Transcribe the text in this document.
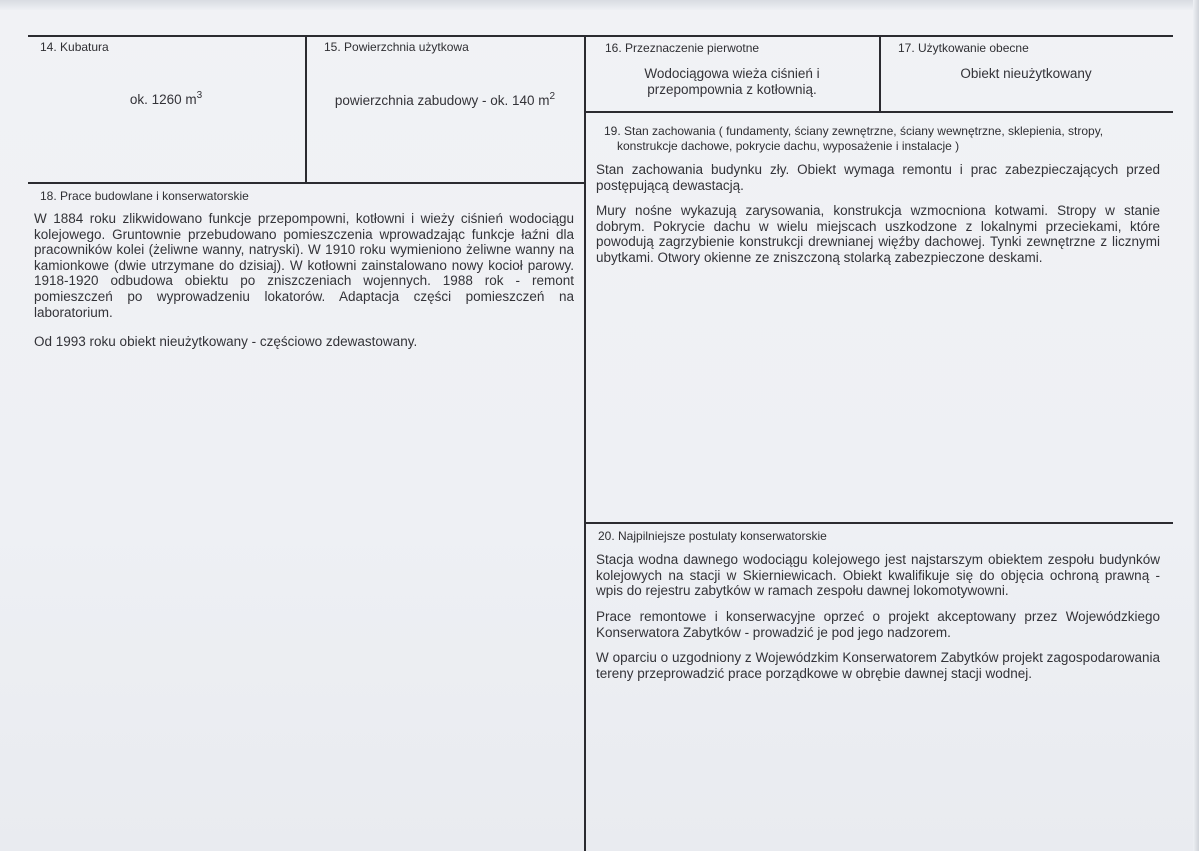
14. Kubatura
ok. 1260 $m^3$
15. Powierzchnia użytkowa
powierzchnia zabudowy - ok. 140 $m^2$
16. Przeznaczenie pierwotne
Wodociągowa wieża ciśnień i
przepompownia z kotłownią.
17. Użytkowanie obecne
Obiekt nieużytkowany
19. Stan zachowania ( fundamenty, ściany zewnętrzne, ściany wewnętrzne, sklepienia, stropy,
konstrukcje dachowe, pokrycie dachu, wyposażenie i instalacje )

Stan zachowania budynku zły. Obiekt wymaga remontu i prac zabezpieczających przed postępującą dewastacją.

Mury nośne wykazują zarysowania, konstrukcja wzmocniona kotwami. Stropy w stanie dobrym. Pokrycie dachu w wielu miejscach uszkodzone z lokalnymi przeciekami, które powodują zagrzybienie konstrukcji drewnianej więźby dachowej. Tynki zewnętrzne z licznymi ubytkami. Otwory okienne ze zniszczoną stolarką zabezpieczone deskami.

18. Prace budowlane i konserwatorskie

W 1884 roku zlikwidowano funkcje przepompowni, kotłowni i wieży ciśnień wodociągu kolejowego. Gruntownie przebudowano pomieszczenia wprowadzając funkcje łaźni dla pracowników kolei (żeliwne wanny, natryski). W 1910 roku wymieniono żeliwne wanny na kamionkowe (dwie utrzymane do dzisiaj). W kotłowni zainstalowano nowy kocioł parowy. 1918-1920 odbudowa obiektu po zniszczeniach wojennych. 1988 rok - remont pomieszczeń po wyprowadzeniu lokatorów. Adaptacja części pomieszczeń na laboratorium.

Od 1993 roku obiekt nieużytkowany - częściowo zdewastowany.

20. Najpilniejsze postulaty konserwatorskie

Stacja wodna dawnego wodociągu kolejowego jest najstarszym obiektem zespołu budynków kolejowych na stacji w Skierniewicach. Obiekt kwalifikuje się do objęcia ochroną prawną - wpis do rejestru zabytków w ramach zespołu dawnej lokomotywowni.

Prace remontowe i konserwacyjne oprzeć o projekt akceptowany przez Wojewódzkiego Konserwatora Zabytków - prowadzić je pod jego nadzorem.

W oparciu o uzgodniony z Wojewódzkim Konserwatorem Zabytków projekt zagospodarowania tereny przeprowadzić prace porządkowe w obrębie dawnej stacji wodnej.
